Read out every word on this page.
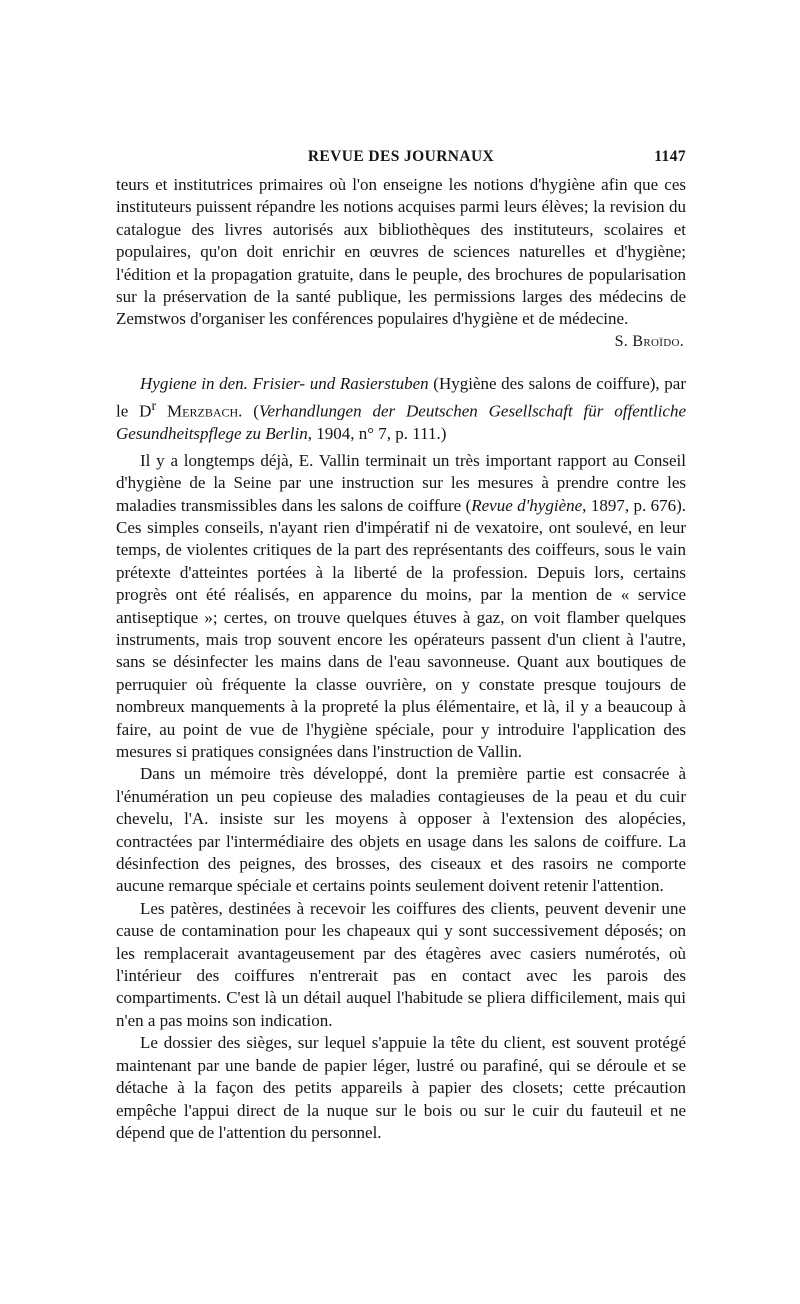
REVUE DES JOURNAUX	1147

teurs et institutrices primaires où l'on enseigne les notions d'hygiène afin que ces instituteurs puissent répandre les notions acquises parmi leurs élèves; la revision du catalogue des livres autorisés aux bibliothèques des instituteurs, scolaires et populaires, qu'on doit enrichir en œuvres de sciences naturelles et d'hygiène; l'édition et la propagation gratuite, dans le peuple, des brochures de popularisation sur la préservation de la santé publique, les permissions larges des médecins de Zemstwos d'organiser les conférences populaires d'hygiène et de médecine.

S. Broïdo.

Hygiene in den. Frisier- und Rasierstuben (Hygiène des salons de coiffure), par le $D^r$ Merzbach. (Verhandlungen der Deutschen Gesellschaft für offentliche Gesundheitspflege zu Berlin, 1904, n° 7, p. 111.)

Il y a longtemps déjà, E. Vallin terminait un très important rapport au Conseil d'hygiène de la Seine par une instruction sur les mesures à prendre contre les maladies transmissibles dans les salons de coiffure (Revue d'hygiène, 1897, p. 676). Ces simples conseils, n'ayant rien d'impératif ni de vexatoire, ont soulevé, en leur temps, de violentes critiques de la part des représentants des coiffeurs, sous le vain prétexte d'atteintes portées à la liberté de la profession. Depuis lors, certains progrès ont été réalisés, en apparence du moins, par la mention de « service antiseptique »; certes, on trouve quelques étuves à gaz, on voit flamber quelques instruments, mais trop souvent encore les opérateurs passent d'un client à l'autre, sans se désinfecter les mains dans de l'eau savonneuse. Quant aux boutiques de perruquier où fréquente la classe ouvrière, on y constate presque toujours de nombreux manquements à la propreté la plus élémentaire, et là, il y a beaucoup à faire, au point de vue de l'hygiène spéciale, pour y introduire l'application des mesures si pratiques consignées dans l'instruction de Vallin.

Dans un mémoire très développé, dont la première partie est consacrée à l'énumération un peu copieuse des maladies contagieuses de la peau et du cuir chevelu, l'A. insiste sur les moyens à opposer à l'extension des alopécies, contractées par l'intermédiaire des objets en usage dans les salons de coiffure. La désinfection des peignes, des brosses, des ciseaux et des rasoirs ne comporte aucune remarque spéciale et certains points seulement doivent retenir l'attention.

Les patères, destinées à recevoir les coiffures des clients, peuvent devenir une cause de contamination pour les chapeaux qui y sont successivement déposés; on les remplacerait avantageusement par des étagères avec casiers numérotés, où l'intérieur des coiffures n'entrerait pas en contact avec les parois des compartiments. C'est là un détail auquel l'habitude se pliera difficilement, mais qui n'en a pas moins son indication.

Le dossier des sièges, sur lequel s'appuie la tête du client, est souvent protégé maintenant par une bande de papier léger, lustré ou parafiné, qui se déroule et se détache à la façon des petits appareils à papier des closets; cette précaution empêche l'appui direct de la nuque sur le bois ou sur le cuir du fauteuil et ne dépend que de l'attention du personnel.
